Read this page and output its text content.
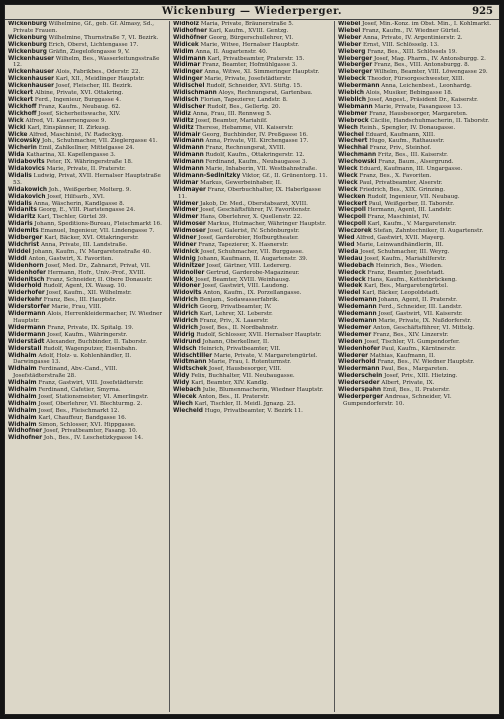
Wickenburg — Wiederperger.	925
Wickenburg Wilhelmine, Gf., geb. Gf. Almasy, Sd., Private Frauen.
Wickenburg Wilhelmine, Thurnstraße 7, VI. Bezirk.
Wickenburg Erich, Oberst, Lichtengasse 17.
Wickenburg Gräfin, Ziegelofengasse 9, V.
Wickenhauser Wilhelm, Bes., Wasserleitungsstraße 12.
Wickenhauser Alois, Fabrikbes., Oderstr. 22.
Wickenhauser Karl, XII., Meidlinger Hauptstr.
Wickenhauser Josef, Fleischer, III. Bezirk.
Wickert Albine, Private, XVI. Ottakring.
Wickert Ferd., Ingenieur, Burggasse 4.
Wickhoff Franz, Kaufm., Neubaug. 62.
Wickhoff Josef, Sicherheitswache, XIV.
Wick Alfred, VI. Kasernengasse 9.
Wickl Karl, Einspänner, II. Zirkusg.
Wicke Alfred, Maschinist, IV. Radeckyg.
Wicowsky Joh., Schuhmacher, VII. Zieglergasse 41.
Wicherin Emil, Zahlkellner, Mittelgasse 24.
Wida Katharina, XI. Kapellengasse 3.
Widabovits Peter, IX. Währingerstraße 18.
Widakovics Marie, Private, II. Praterstr.
Widalis Ludwig, Privat, XVII. Hernalser Hauptstraße 53.
Widakowich Joh., Weißgerber, Molterg. 9.
Widakovich Josef, Hilfsarb., XVI.
Widalis Anna, Wäscherin, Kandlgasse 8.
Widanits Georg, E., VIII. Piaristengasse 24.
Widaritz Karl, Tischler, Gürtel 39.
Widaris Johann, Speditions-Bureau, Fleischmarkt 16.
Widemits Emanuel, Ingenieur, VII. Lindengasse 7.
Widberger Karl, Bäcker, XVI. Ottakringerstr.
Widchrist Anna, Private, III. Landstraße.
Widdel Johann, Kaufm., IV. Margaretenstraße 40.
Widdl Anton, Gastwirt, X. Favoriten.
Widenhorn Josef, Med. Dr., Zahnarzt, Privat, VII.
Widenhofer Hermann, Hofr., Univ.-Prof., XVIII.
Widenitsch Franz, Schneider, II. Obere Donaustr.
Widerhold Rudolf, Agent, IX. Wasag. 10.
Widerhofer Josef, Kaufm., XII. Wilhelmstr.
Widerkehr Franz, Bes., III. Hauptstr.
Widerstorfer Marie, Frau, VIII.
Widermann Alois, Herrenkleidermacher, IV. Wiedner Hauptstr.
Widermann Franz, Private, IX. Spitalg. 19.
Widermann Josef, Kaufm., Währingerstr.
Widerstädt Alexander, Buchbinder, II. Taborstr.
Widerstall Rudolf, Wagenputzer, Eisenbahn.
Widhalm Adolf, Holz- u. Kohlenhändler, II. Darwingasse 13.
Widhalm Ferdinand, Abv.-Cand., VIII. Josefstädterstraße 28.
Widhalm Franz, Gastwirt, VIII. Josefstädterstr.
Widhalm Ferdinand, Cafetier, Smyrna.
Widhalm Josef, Stationsmeister, VI. Amerlingstr.
Widhalm Josef, Oberlehrer, VI. Blechturmg. 2.
Widhalm Josef, Bes., Fleischmarkt 12.
Widhalm Karl, Chauffeur, Bandgasse 16.
Widhalm Simon, Schlosser, XVI. Hippgasse.
Widhofner Josef, Privatbeamter, Fasang. 10.
Widhofner Joh., Bes., IV. Leschetizkygasse 14.
Widholz Maria, Private, Bräunerstraße 5.
Widhofner Karl, Kaufm., XVIII. Gentzg.
Widhöfner Georg, Bürgerschullehrer, VI.
Widicek Marie, Witwe, Hernalser Hauptstr.
Widim Anna, II. Augartenstr. 40.
Widimann Karl, Privatbeamter, Praterstr. 15.
Widimar Franz, Beamter, Hofmühlgasse 3.
Widinger Anna, Witwe, XI. Simmeringer Hauptstr.
Widinger Marie, Private, Josefstädterstr.
Widischel Rudolf, Schneider, XVI. Stiftg. 15.
Widischmann Aloys, Rechnungsrat, Gartenbau.
Widisch Florian, Tapezierer, Landstr. 8.
Widischer Rudolf, Bes., Gellertg. 20.
Widiz Anna, Frau, III. Rennweg 5.
Widitz Josef, Beamter, Mariahilf.
Widitz Therese, Hebamme, VII. Kaiserstr.
Widmair Georg, Buchbinder, IV. Preßgasse 16.
Widmann Anna, Private, VII. Kirchengasse 17.
Widmann Franz, Rechnungsrat, XVIII.
Widmann Rudolf, Kaufm., Ottakringerstr. 12.
Widmann Ferdinand, Kaufm., Neubaugasse 3.
Widmann Marie, Inhaberin, VII. Westbahnstraße.
Widmann-Sedlnitzky Viktor, Gf., II. Grünentorg. 11.
Widmar Markus, Gewerbeinhaber, II.
Widmayer Franz, Oberbuchhalter, IX. Haberlgasse 11.
Widmer Jakob, Dr. Med., Oberstabsarzt, XVIII.
Widmer Josef, Geschäftsführer, IV. Favoritenstr.
Widmer Hans, Oberlehrer, X. Quellenstr. 22.
Widmoser Markus, Hutmacher, Währinger Hauptstr.
Widmoser Josef, Galerist, IV. Schönburgstr.
Widner Josef, Garderobier, Hofburgtheater.
Widner Franz, Tapezierer, X. Hasnerstr.
Widnick Josef, Schuhmacher, VII. Burggasse.
Widnig Johann, Kaufmann, II. Augartenstr. 39.
Widnitzer Josef, Gärtner, VIII. Ledererg.
Widnoller Gertrud, Garderobe-Magazineur.
Widok Josef, Beamter, XVIII. Weinhausg.
Widoner Josef, Gastwirt, VIII. Laudong.
Widovits Anton, Kaufm., IX. Porzellangasse.
Widrich Benjam., Sodawasserfabrik.
Widrich Georg, Privatbeamter, IV.
Widrich Karl, Lehrer, XI. Leberstr.
Widrich Franz, Priv., X. Laaerstr.
Widrich Josef, Bes., II. Nordbahnstr.
Widrig Rudolf, Schlosser, XVII. Hernalser Hauptstr.
Widrund Johann, Oberkellner, II.
Widsch Heinrich, Privatbeamter, VII.
Widschtiller Marie, Private, V. Margaretengürtel.
Widtmann Marie, Frau, I. Rotenturmstr.
Widtschek Josef, Hausbesorger, VIII.
Widy Felix, Buchhalter, VII. Neubaugasse.
Widy Karl, Beamter, XIV. Kandlg.
Wiebach Julie, Blumenmacherin, Wiedner Hauptstr.
Wiecek Anton, Bes., II. Praterstr.
Wiech Karl, Tischler, II. Meidl. Jgnazg. 23.
Wiecheld Hugo, Privatbeamter, V. Bezirk 11.
Wiebel Josef, Min.-Konz. im Obst. Min., I. Kohlmarkt.
Wiebel Franz, Kaufm., IV. Wiedner Gürtel.
Wieber Anna, Private, IV. Argentinierstr. 2.
Wieber Ernst, VIII. Schlösselg. 13.
Wieberg Franz, Bes., XIII. Schlössels 19.
Wieberger Josef, Mag. Pharm., IV. Antonsburgg. 2.
Wieberger Franz, Bes., VIII. Antonsburgg. 8.
Wieberger Wilhelm, Beamter, VIII. Löwengasse 29.
Wiebeck Theodor, Fürsorgeschwester, XIII.
Wiebermann Anna, Leichenbest., Leonhardg.
Wiebich Alois, Musiker, Bebingasse 18.
Wieblich Josef, Angest., Präsident Dr., Kaiserstr.
Wiebmann Marie, Private, Fasangasse 13.
Wiebmer Franz, Hausbesorger, Margareten.
Wiebrock Cäcilie, Handschuhmacherin, II. Taborstr.
Wiech Reinh., Spengler, IV. Donaugasse.
Wiechel Eduard, Kaufmann, XIII.
Wiechert Hugo, Kaufm., Rathausstr.
Wiechhal Franz, Priv., Steinhof.
Wiechmann Fritz, Bes., III. Kaiserstr.
Wiechowski Franz, Baum., Alsergrund.
Wieck Eduard, Kaufmann, III. Ungargasse.
Wieck Franz, Bes., X. Favoriten.
Wieck Paul, Privatbeamter, Alserstr.
Wieck Friedrich, Bes., XIX. Grinzing.
Wiecken Rudolf, Ingenieur, VII. Neubaug.
Wieckert Paul, Weißgerber, II. Taborstr.
Wiecpoll Hermann, Agent, III. Landstr.
Wiecpoll Franz, Maschinist, IV.
Wiecpoll Karl, Kaufm., V. Margaretenstr.
Wieczorek Stefan, Zahntechniker, II. Augartenstr.
Wied Alfred, Gastwirt, XVII. Mayerg.
Wied Marie, Leinwandhändlerin, III.
Wieda Josef, Schuhmacher, III. Weyrg.
Wiedau Josef, Kaufm., Mariahilferstr.
Wiedebach Heinrich, Bes., Wieden.
Wiedeck Franz, Beamter, Josefstadt.
Wiedeck Hans, Kaufm., Kettenbrückeng.
Wiedek Karl, Bes., Margaretengürtel.
Wiedel Karl, Bäcker, Leopoldstadt.
Wiedemann Johann, Agent, II. Praterstr.
Wiedemann Ferd., Schneider, III. Landstr.
Wiedemann Josef, Gastwirt, VII. Kaiserstr.
Wiedemann Marie, Private, IX. Nußdorferstr.
Wiedemer Anton, Geschäftsführer, VI. Mittelg.
Wiedemer Franz, Bes., XIV. Linzerstr.
Wieden Josef, Tischler, VI. Gumpendorfer.
Wiedenhofer Paul, Kaufm., Kärntnerstr.
Wiederer Mathias, Kaufmann, II.
Wiederhold Franz, Bes., IV. Wiedner Hauptstr.
Wiedermann Paul, Bes., Margareten.
Wiederschein Josef, Priv., XIII. Hietzing.
Wiederseder Albert, Private, IX.
Wiederspahn Emil, Bes., II. Praterstr.
Wiederperger Andreas, Schneider, VI. Gumpendorferstr. 10.
